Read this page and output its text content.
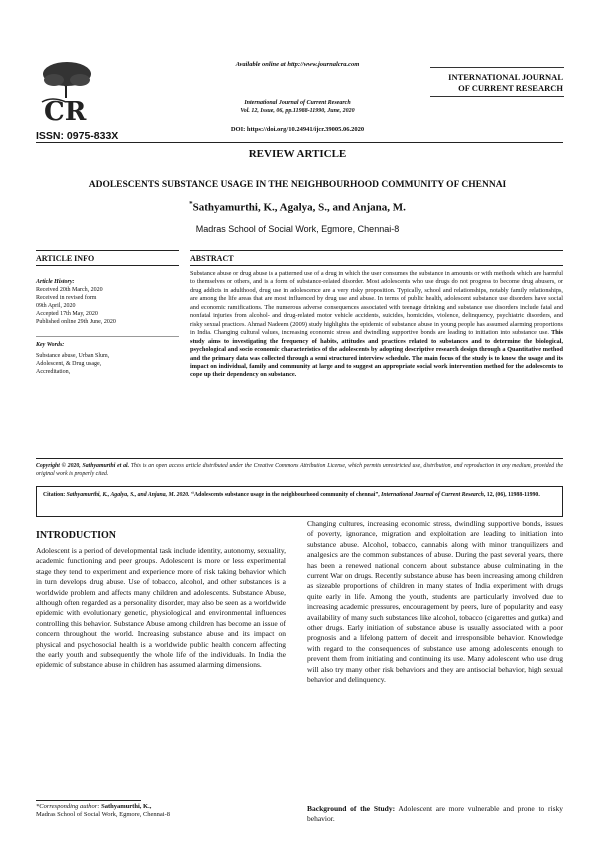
CR
ISSN: 0975-833X
Available online at http://www.journalcra.com
INTERNATIONAL JOURNAL
OF CURRENT RESEARCH
International Journal of Current Research
Vol. 12, Issue, 06, pp.11988-11990, June, 2020
DOI: https://doi.org/10.24941/ijcr.39005.06.2020
REVIEW ARTICLE
ADOLESCENTS SUBSTANCE USAGE IN THE NEIGHBOURHOOD COMMUNITY OF CHENNAI
*Sathyamurthi, K., Agalya, S., and Anjana, M.
Madras School of Social Work, Egmore, Chennai-8
ARTICLE INFO	ABSTRACT
Article History:
Received 20th March, 2020
Received in revised form
09th April, 2020
Accepted 17th May, 2020
Published online 29th June, 2020
Key Words:
Substance abuse, Urban Slum,
Adolescent, & Drug usage,
Accreditation,
Substance abuse or drug abuse is a patterned use of a drug in which the user consumes the substance in amounts or with methods which are harmful to themselves or others, and is a form of substance-related disorder. Most adolescents who use drugs do not progress to become drug abusers, or drug addicts in adulthood, drug use in adolescence are a very risky proposition. Typically, school and relationships, notably family relationships, are among the life areas that are most influenced by drug use and abuse. In terms of public health, adolescent substance use disorders have social and economic ramifications. The numerous adverse consequences associated with teenage drinking and substance use disorders include fatal and nonfatal injuries from alcohol- and drug-related motor vehicle accidents, suicides, homicides, violence, delinquency, psychiatric disorders, and risky sexual practices. Ahmad Nadeem (2009) study highlights the epidemic of substance abuse in young people has assumed alarming proportions in India. Changing cultural values, increasing economic stress and dwindling supportive bonds are leading to initiation into substance use. This study aims to investigating the frequency of habits, attitudes and practices related to substances and to determine the biological, psychological and socio economic characteristics of the adolescents by adopting descriptive research design through a Quantitative method and the primary data was collected through a semi structured interview schedule. The main focus of the study is to know the usage and its impact on individual, family and community at large and to suggest an appropriate social work intervention method for the adolescents to cope up their dependency on substance.
Copyright © 2020, Sathyamurthi et al. This is an open access article distributed under the Creative Commons Attribution License, which permits unrestricted use, distribution, and reproduction in any medium, provided the original work is properly cited.
Citation: Sathyamurthi, K., Agalya, S., and Anjana, M. 2020. “Adolescents substance usage in the neighbourhood community of chennai”, International Journal of Current Research, 12, (06), 11988-11990.
INTRODUCTION
Adolescent is a period of developmental task include identity, autonomy, sexuality, academic functioning and peer groups. Adolescent is more or less experimental stage they tend to experiment and experience more of risk taking behavior which in turn develops drug abuse. Use of tobacco, alcohol, and other substances is a worldwide problem and affects many children and adolescents. Substance Abuse, although often regarded as a personality disorder, may also be seen as a worldwide epidemic with evolutionary genetic, physiological and environmental influences controlling this behavior. Substance Abuse among children has become an issue of concern throughout the world. Increasing substance abuse and its impact on physical and psychosocial health is a worldwide public health concern affecting the early youth and subsequently the whole life of the individuals. In India the epidemic of substance abuse in children has assumed alarming dimensions.
Changing cultures, increasing economic stress, dwindling supportive bonds, issues of poverty, ignorance, migration and exploitation are leading to initiation into substance abuse. Alcohol, tobacco, cannabis along with minor tranquilizers and analgesics are the common substances of abuse. During the past several years, there has been a renewed national concern about substance abuse culminating in the current War on drugs. Recently substance abuse has been increasing among children as sizeable proportions of children in many states of India experiment with drugs quite early in life. Among the youth, students are particularly involved due to increasing academic pressures, encouragement by peers, lure of popularity and easy availability of many such substances like alcohol, tobacco (cigarettes and gutka) and other drugs. Early initiation of substance abuse is usually associated with a poor prognosis and a lifelong pattern of deceit and irresponsible behavior. Knowledge with regard to the consequences of substance use among adolescents enough to prevent them from initiating and continuing its use. Many adolescent who use drug will also try many other risk behaviors and they are antisocial behavior, high sexual behavior and delinquency.
*Corresponding author: Sathyamurthi, K.,
Madras School of Social Work, Egmore, Chennai-8
Background of the Study: Adolescent are more vulnerable and prone to risky behavior.
